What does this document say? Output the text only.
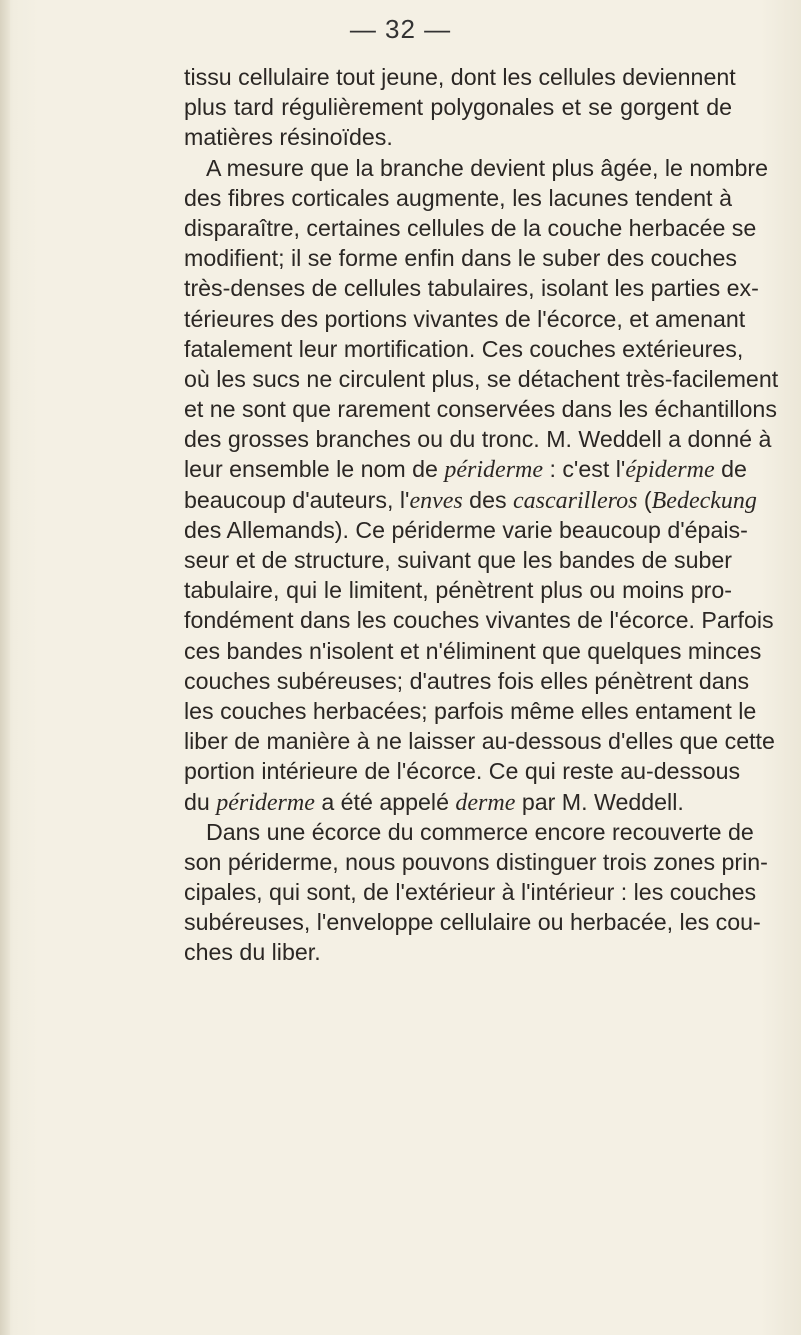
— 32 —
tissu cellulaire tout jeune, dont les cellules deviennent
plus tard régulièrement polygonales et se gorgent de
matières résinoïdes.
A mesure que la branche devient plus âgée, le nombre
des fibres corticales augmente, les lacunes tendent à
disparaître, certaines cellules de la couche herbacée se
modifient; il se forme enfin dans le suber des couches
très-denses de cellules tabulaires, isolant les parties ex-
térieures des portions vivantes de l'écorce, et amenant
fatalement leur mortification. Ces couches extérieures,
où les sucs ne circulent plus, se détachent très-facilement
et ne sont que rarement conservées dans les échantillons
des grosses branches ou du tronc. M. Weddell a donné à
leur ensemble le nom de périderme : c'est l'épiderme de
beaucoup d'auteurs, l'enves des cascarilleros (Bedeckung
des Allemands). Ce périderme varie beaucoup d'épais-
seur et de structure, suivant que les bandes de suber
tabulaire, qui le limitent, pénètrent plus ou moins pro-
fondément dans les couches vivantes de l'écorce. Parfois
ces bandes n'isolent et n'éliminent que quelques minces
couches subéreuses; d'autres fois elles pénètrent dans
les couches herbacées; parfois même elles entament le
liber de manière à ne laisser au-dessous d'elles que cette
portion intérieure de l'écorce. Ce qui reste au-dessous
du périderme a été appelé derme par M. Weddell.
Dans une écorce du commerce encore recouverte de
son périderme, nous pouvons distinguer trois zones prin-
cipales, qui sont, de l'extérieur à l'intérieur : les couches
subéreuses, l'enveloppe cellulaire ou herbacée, les cou-
ches du liber.
